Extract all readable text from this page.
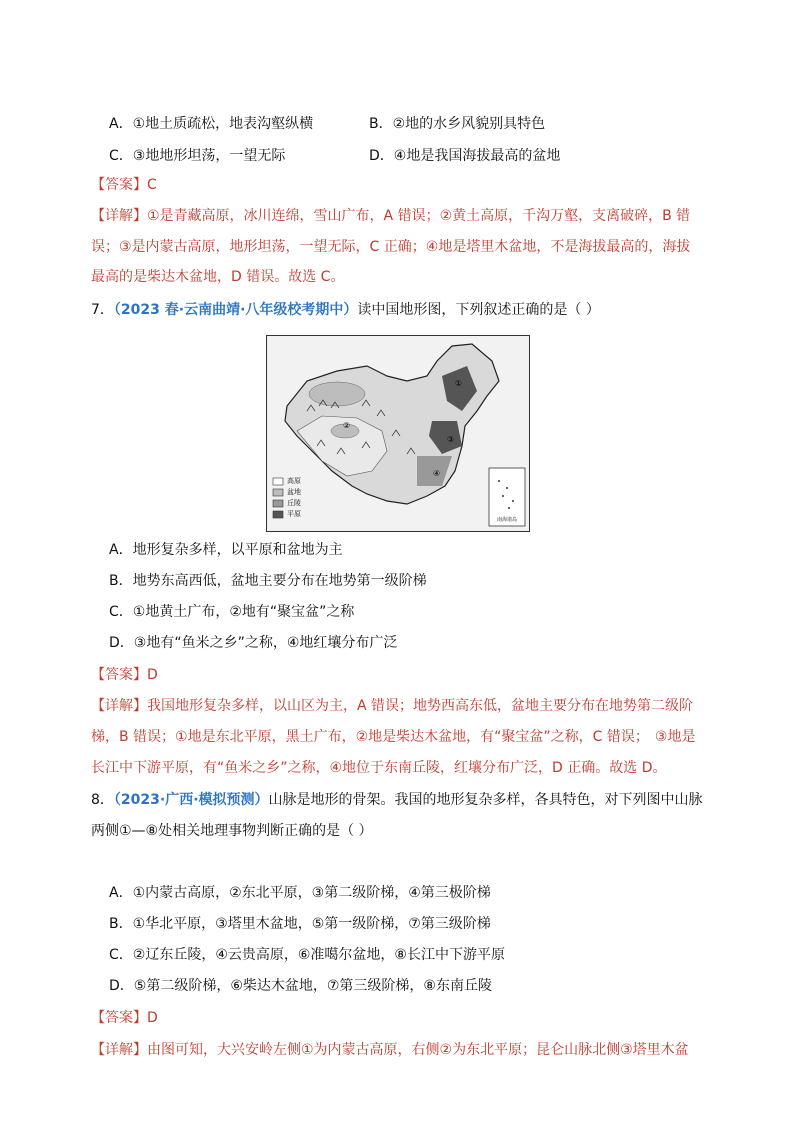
A．①地土质疏松，地表沟壑纵横	B．②地的水乡风貌别具特色
C．③地地形坦荡，一望无际	D．④地是我国海拔最高的盆地
【答案】C
【详解】①是青藏高原，冰川连绵，雪山广布，A 错误；②黄土高原，千沟万壑，支离破碎，B 错
误；③是内蒙古高原，地形坦荡，一望无际，C 正确；④地是塔里木盆地，不是海拔最高的，海拔
最高的是柴达木盆地，D 错误。故选 C。
7．（2023 春·云南曲靖·八年级校考期中）读中国地形图，下列叙述正确的是（ ）
①
②
③
④
高原
盆地
丘陵
平原
南海诸岛
A．地形复杂多样，以平原和盆地为主
B．地势东高西低，盆地主要分布在地势第一级阶梯
C．①地黄土广布，②地有“聚宝盆”之称
D．③地有“鱼米之乡”之称，④地红壤分布广泛
【答案】D
【详解】我国地形复杂多样，以山区为主，A 错误；地势西高东低，盆地主要分布在地势第二级阶
梯，B 错误；①地是东北平原，黑土广布，②地是柴达木盆地，有“聚宝盆”之称，C 错误； ③地是
长江中下游平原，有“鱼米之乡”之称，④地位于东南丘陵，红壤分布广泛，D 正确。故选 D。
8．（2023·广西·模拟预测）山脉是地形的骨架。我国的地形复杂多样，各具特色，对下列图中山脉
两侧①—⑧处相关地理事物判断正确的是（ ）
A．①内蒙古高原，②东北平原，③第二级阶梯，④第三极阶梯
B．①华北平原，③塔里木盆地，⑤第一级阶梯，⑦第三级阶梯
C．②辽东丘陵，④云贵高原，⑥准噶尔盆地，⑧长江中下游平原
D．⑤第二级阶梯，⑥柴达木盆地，⑦第三级阶梯，⑧东南丘陵
【答案】D
【详解】由图可知，大兴安岭左侧①为内蒙古高原，右侧②为东北平原；昆仑山脉北侧③塔里木盆
